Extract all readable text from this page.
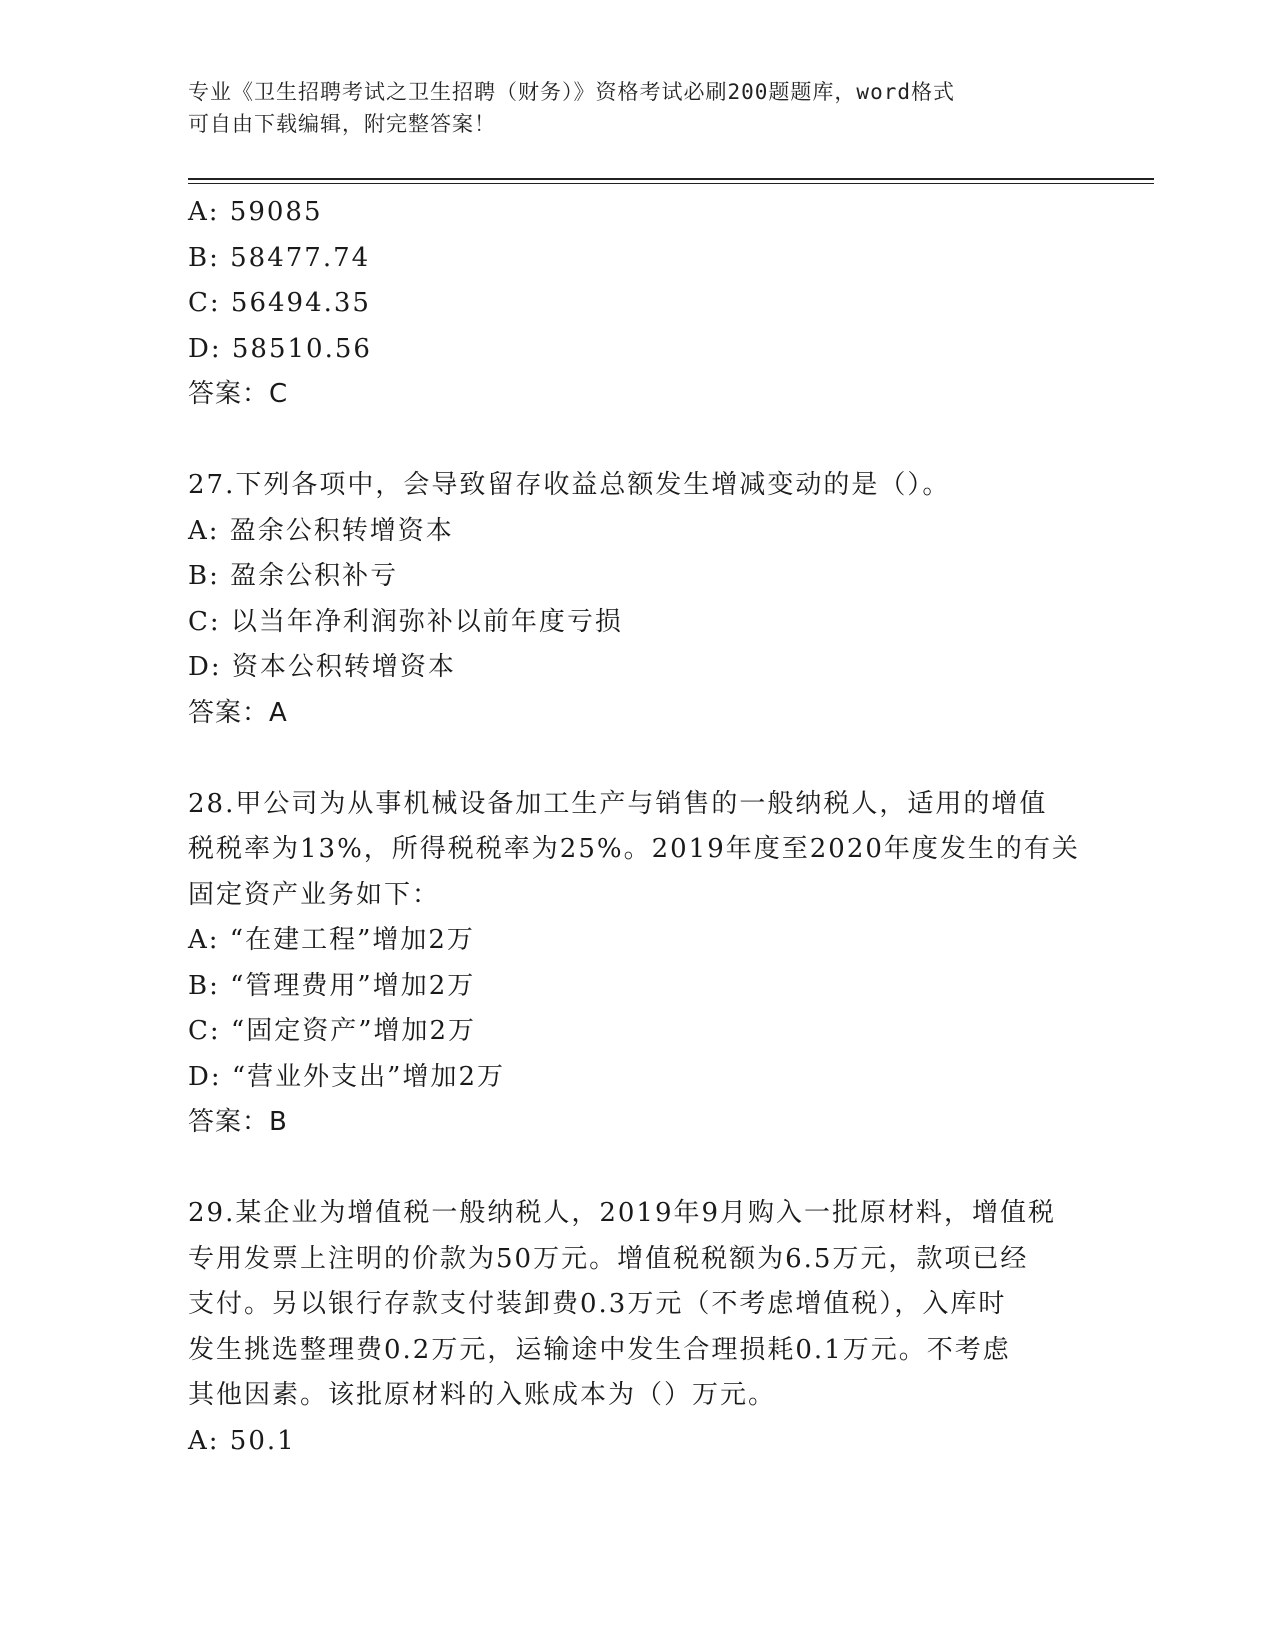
专业《卫生招聘考试之卫生招聘（财务）》资格考试必刷200题题库，word格式
可自由下载编辑，附完整答案！
A: 59085
B: 58477.74
C: 56494.35
D: 58510.56
答案：C
27.下列各项中，会导致留存收益总额发生增减变动的是（）。
A: 盈余公积转增资本
B: 盈余公积补亏
C: 以当年净利润弥补以前年度亏损
D: 资本公积转增资本
答案：A
28.甲公司为从事机械设备加工生产与销售的一般纳税人，适用的增值
税税率为13%，所得税税率为25%。2019年度至2020年度发生的有关
固定资产业务如下：
A: “在建工程”增加2万
B: “管理费用”增加2万
C: “固定资产”增加2万
D: “营业外支出”增加2万
答案：B
29.某企业为增值税一般纳税人，2019年9月购入一批原材料，增值税
专用发票上注明的价款为50万元。增值税税额为6.5万元，款项已经
支付。另以银行存款支付装卸费0.3万元（不考虑增值税），入库时
发生挑选整理费0.2万元，运输途中发生合理损耗0.1万元。不考虑
其他因素。该批原材料的入账成本为（）万元。
A: 50.1
